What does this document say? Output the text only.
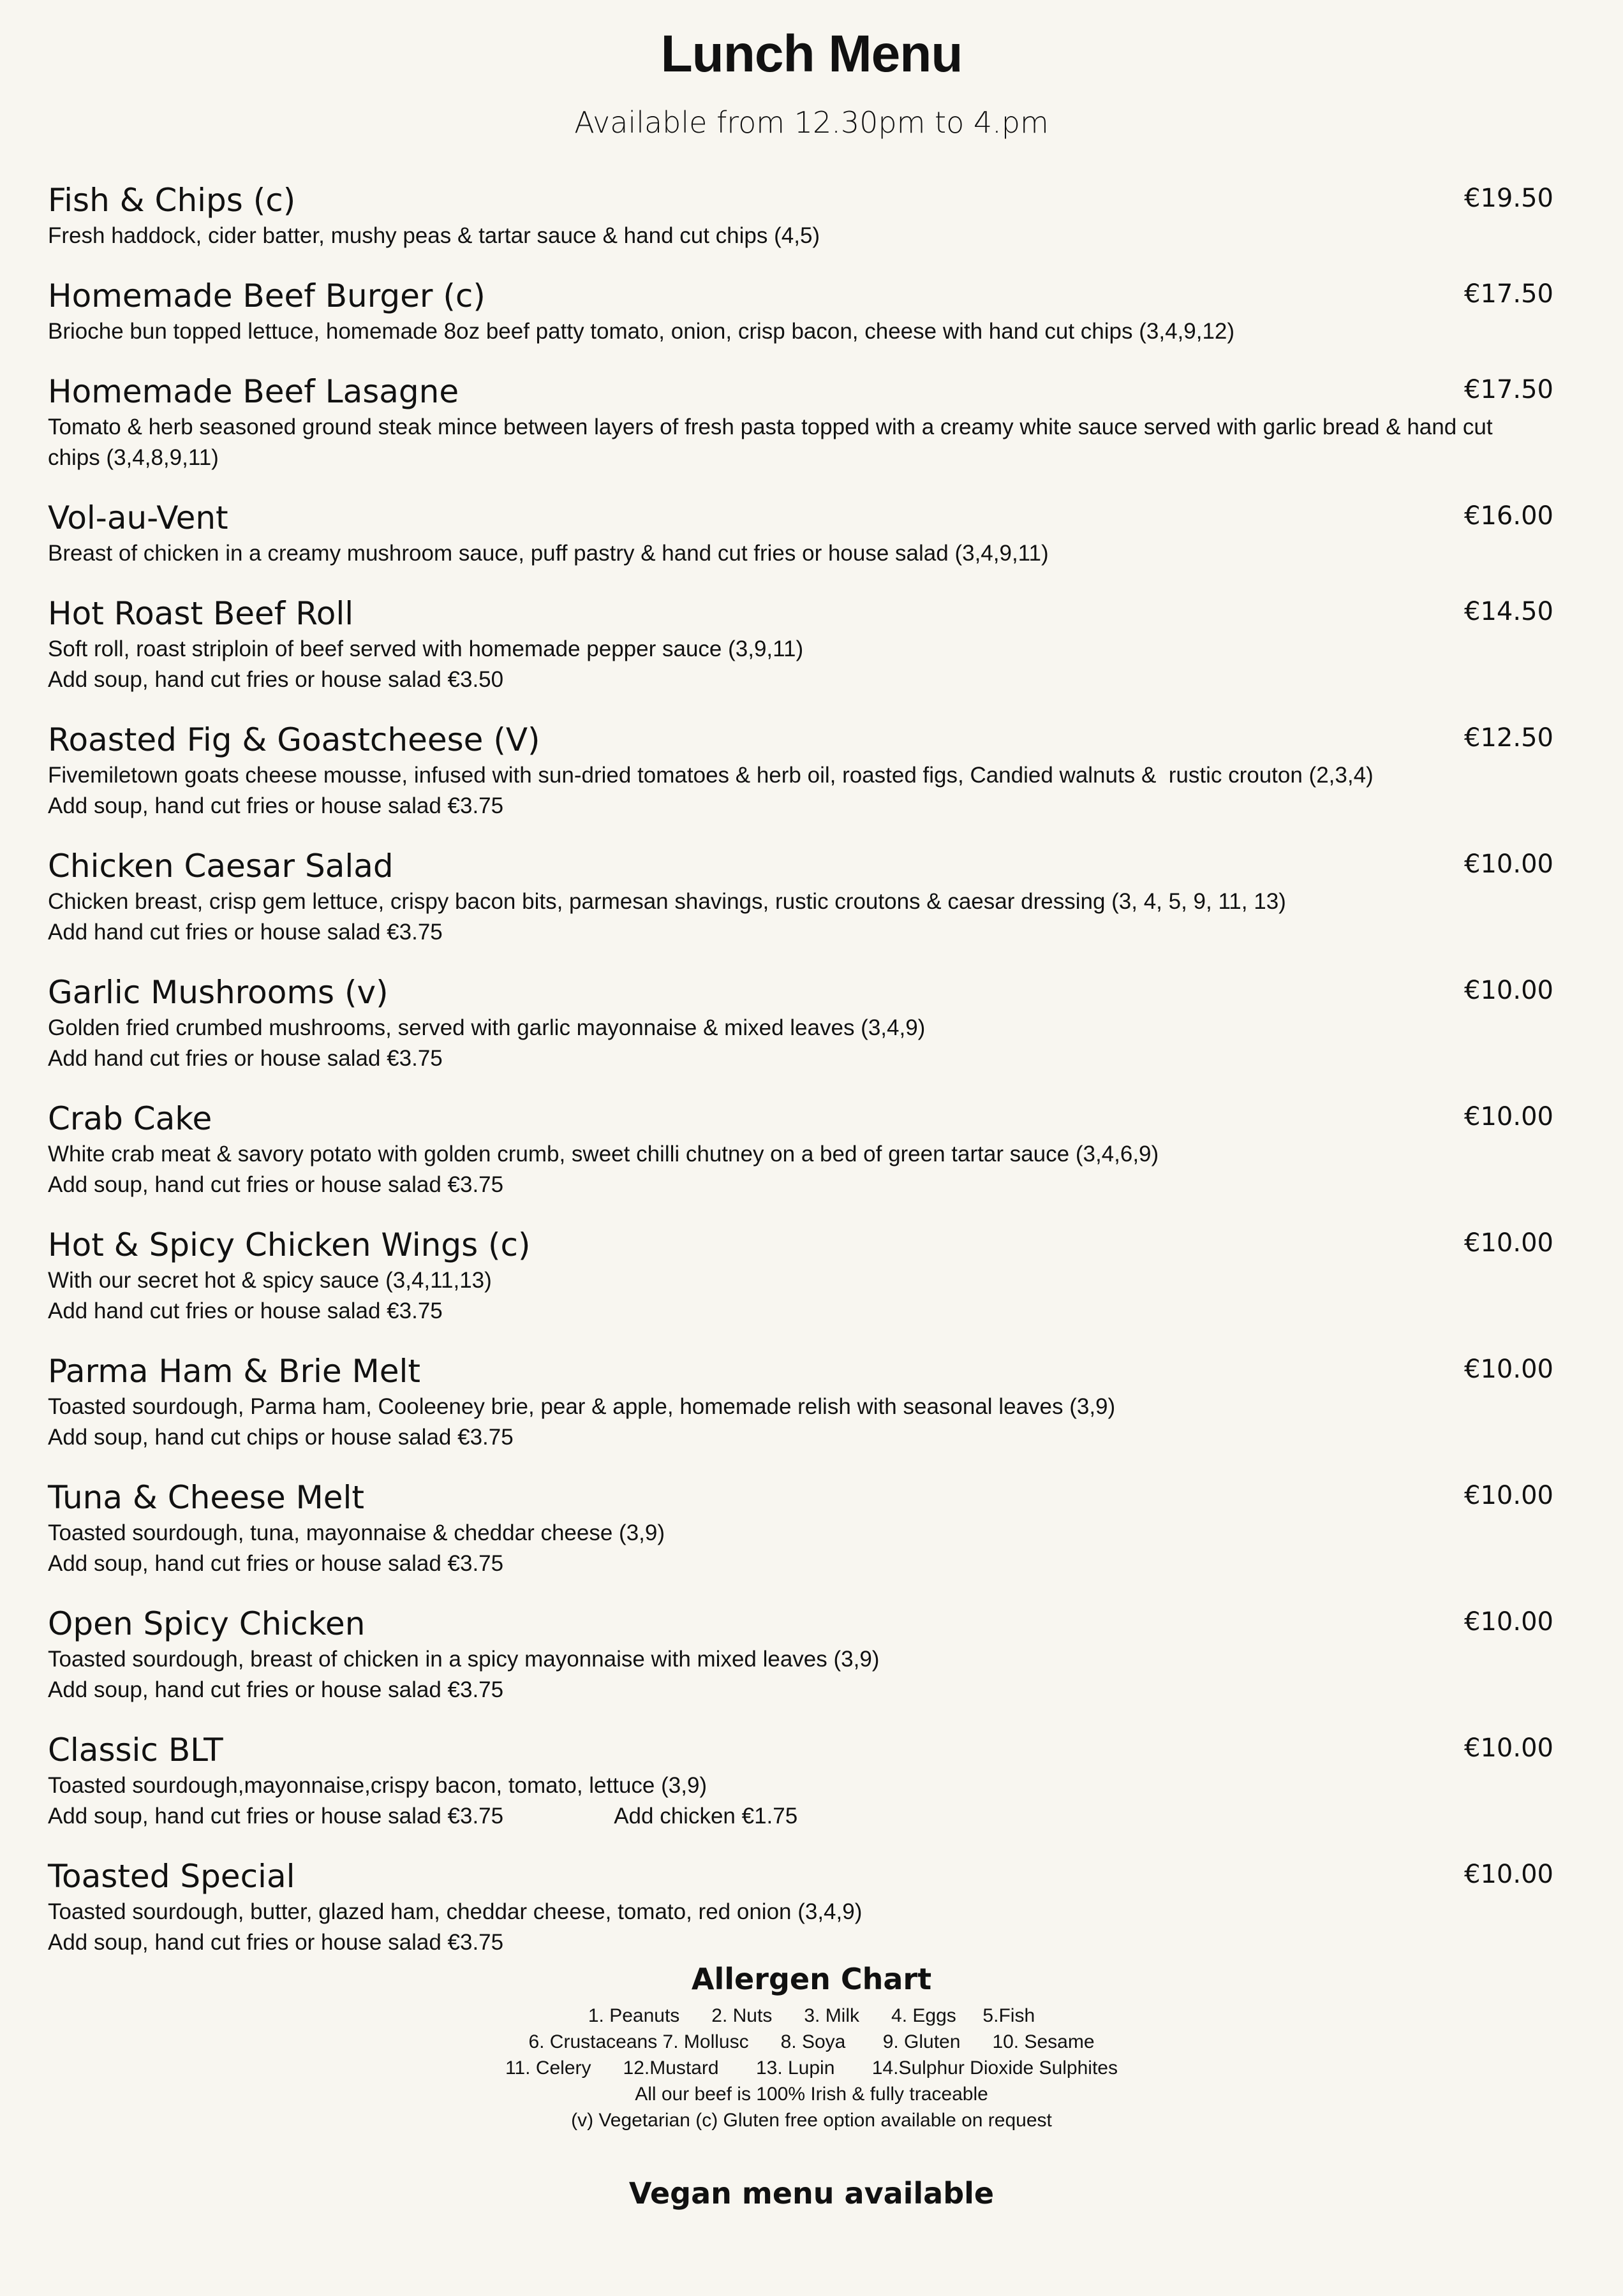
Lunch Menu
Available from 12.30pm to 4.pm
Fish & Chips (c)	€19.50
Fresh haddock, cider batter, mushy peas & tartar sauce & hand cut chips (4,5)
Homemade Beef Burger (c)	€17.50
Brioche bun topped lettuce, homemade 8oz beef patty tomato, onion, crisp bacon, cheese with hand cut chips (3,4,9,12)
Homemade Beef Lasagne	€17.50
Tomato & herb seasoned ground steak mince between layers of fresh pasta topped with a creamy white sauce served with garlic bread & hand cut chips (3,4,8,9,11)
Vol-au-Vent	€16.00
Breast of chicken in a creamy mushroom sauce, puff pastry & hand cut fries or house salad (3,4,9,11)
Hot Roast Beef Roll	€14.50
Soft roll, roast striploin of beef served with homemade pepper sauce (3,9,11)
Add soup, hand cut fries or house salad €3.50
Roasted Fig & Goastcheese (V)	€12.50
Fivemiletown goats cheese mousse, infused with sun-dried tomatoes & herb oil, roasted figs, Candied walnuts &  rustic crouton (2,3,4)
Add soup, hand cut fries or house salad €3.75
Chicken Caesar Salad	€10.00
Chicken breast, crisp gem lettuce, crispy bacon bits, parmesan shavings, rustic croutons & caesar dressing (3, 4, 5, 9, 11, 13)
Add hand cut fries or house salad €3.75
Garlic Mushrooms (v)	€10.00
Golden fried crumbed mushrooms, served with garlic mayonnaise & mixed leaves (3,4,9)
Add hand cut fries or house salad €3.75
Crab Cake	€10.00
White crab meat & savory potato with golden crumb, sweet chilli chutney on a bed of green tartar sauce (3,4,6,9)
Add soup, hand cut fries or house salad €3.75
Hot & Spicy Chicken Wings (c)	€10.00
With our secret hot & spicy sauce (3,4,11,13)
Add hand cut fries or house salad €3.75
Parma Ham & Brie Melt	€10.00
Toasted sourdough, Parma ham, Cooleeney brie, pear & apple, homemade relish with seasonal leaves (3,9)
Add soup, hand cut chips or house salad €3.75
Tuna & Cheese Melt	€10.00
Toasted sourdough, tuna, mayonnaise & cheddar cheese (3,9)
Add soup, hand cut fries or house salad €3.75
Open Spicy Chicken	€10.00
Toasted sourdough, breast of chicken in a spicy mayonnaise with mixed leaves (3,9)
Add soup, hand cut fries or house salad €3.75
Classic BLT	€10.00
Toasted sourdough,mayonnaise,crispy bacon, tomato, lettuce (3,9)
Add soup, hand cut fries or house salad €3.75                  Add chicken €1.75
Toasted Special	€10.00
Toasted sourdough, butter, glazed ham, cheddar cheese, tomato, red onion (3,4,9)
Add soup, hand cut fries or house salad €3.75
Allergen Chart
1. Peanuts      2. Nuts      3. Milk      4. Eggs     5.Fish
6. Crustaceans 7. Mollusc      8. Soya       9. Gluten      10. Sesame
11. Celery      12.Mustard       13. Lupin       14.Sulphur Dioxide Sulphites
All our beef is 100% Irish & fully traceable
(v) Vegetarian (c) Gluten free option available on request
Vegan menu available
